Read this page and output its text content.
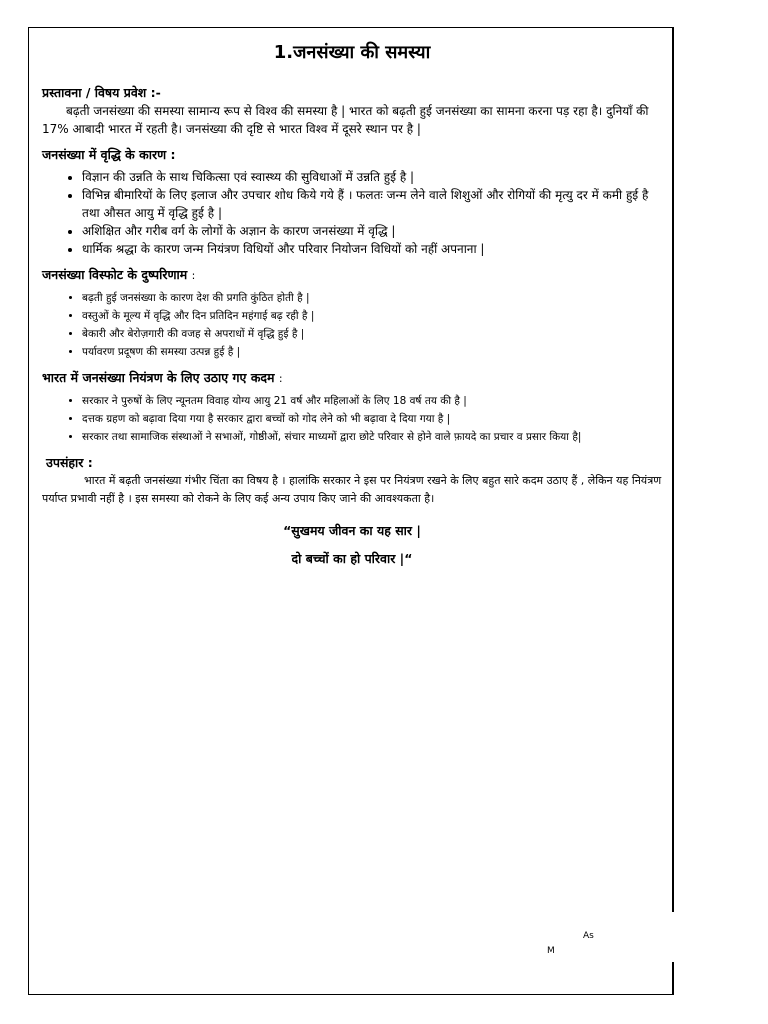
1.जनसंख्या की समस्या

प्रस्तावना / विषय प्रवेश :-

बढ़ती जनसंख्या की समस्या सामान्य रूप से विश्व की समस्या है | भारत को बढ़ती हुई जनसंख्या का सामना करना पड़ रहा है। दुनियाँ की 17% आबादी भारत में रहती है। जनसंख्या की दृष्टि से भारत विश्व में दूसरे स्थान पर है |

जनसंख्या में वृद्धि के कारण :

• विज्ञान की उन्नति के साथ चिकित्सा एवं स्वास्थ्य की सुविधाओं में उन्नति हुई है |
• विभिन्न बीमारियों के लिए इलाज और उपचार शोध किये गये हैं । फलतः जन्म लेने वाले शिशुओं और रोगियों की मृत्यु दर में कमी हुई है तथा औसत आयु में वृद्धि हुई है |
• अशिक्षित और गरीब वर्ग के लोगों के अज्ञान के कारण जनसंख्या में वृद्धि |
• धार्मिक श्रद्धा के कारण जन्म नियंत्रण विधियों और परिवार नियोजन विधियों को नहीं अपनाना |

जनसंख्या विस्फोट के दुष्परिणाम :

• बढ़ती हुई जनसंख्या के कारण देश की प्रगति कुंठित होती है |
• वस्तुओं के मूल्य में वृद्धि और दिन प्रतिदिन महंगाई बढ़ रही है |
• बेकारी और बेरोज़गारी की वजह से अपराधों में वृद्धि हुई है |
• पर्यावरण प्रदूषण की समस्या उत्पन्न हुई है |

भारत में जनसंख्या नियंत्रण के लिए उठाए गए कदम :

• सरकार ने पुरुषों के लिए न्यूनतम विवाह योग्य आयु 21 वर्ष और महिलाओं के लिए 18 वर्ष तय की है |
• दत्तक ग्रहण को बढ़ावा दिया गया है सरकार द्वारा बच्चों को गोद लेने को भी बढ़ावा दे दिया गया है |
• सरकार तथा सामाजिक संस्थाओं ने सभाओं, गोष्ठीओं, संचार माध्यमों द्वारा छोटे परिवार से होने वाले फ़ायदे का प्रचार व प्रसार किया है|

उपसंहार :

भारत में बढ़ती जनसंख्या गंभीर चिंता का विषय है । हालांकि सरकार ने इस पर नियंत्रण रखने के लिए बहुत सारे कदम उठाए हैं , लेकिन यह नियंत्रण पर्याप्त प्रभावी नहीं है । इस समस्या को रोकने के लिए कई अन्य उपाय किए जाने की आवश्यकता है।

“सुखमय जीवन का यह सार |

दो बच्चों का हो परिवार |“

As
M
